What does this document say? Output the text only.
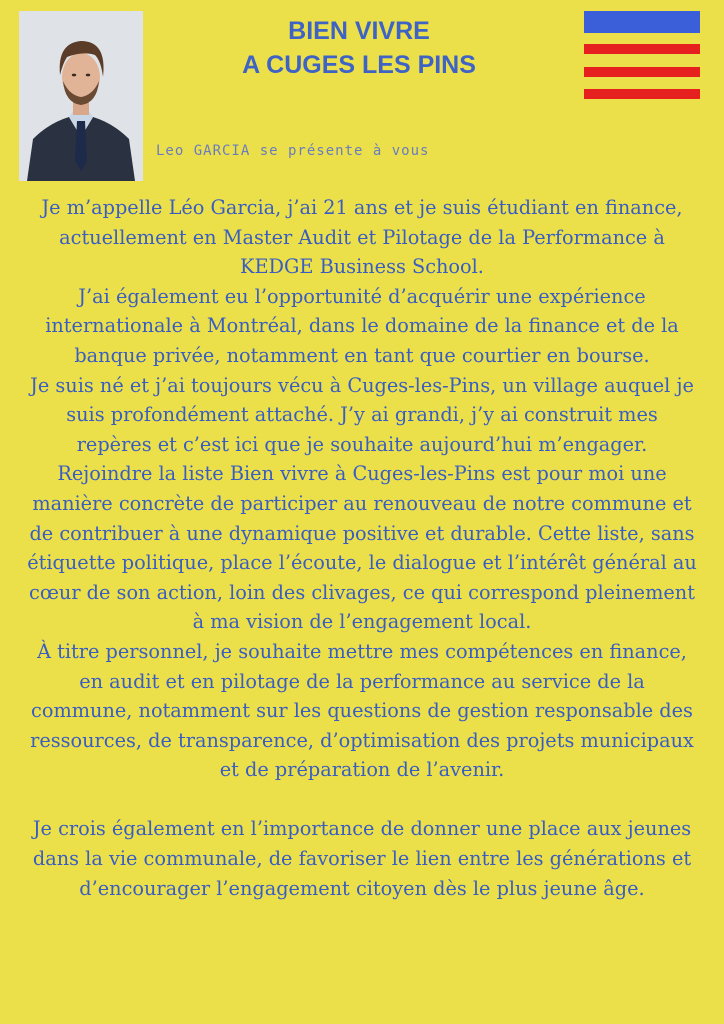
BIEN VIVRE
A CUGES LES PINS
Leo GARCIA se présente à vous

Je m’appelle Léo Garcia, j’ai 21 ans et je suis étudiant en finance, actuellement en Master Audit et Pilotage de la Performance à KEDGE Business School.

J’ai également eu l’opportunité d’acquérir une expérience internationale à Montréal, dans le domaine de la finance et de la banque privée, notamment en tant que courtier en bourse.

Je suis né et j’ai toujours vécu à Cuges-les-Pins, un village auquel je suis profondément attaché. J’y ai grandi, j’y ai construit mes repères et c’est ici que je souhaite aujourd’hui m’engager.

Rejoindre la liste Bien vivre à Cuges-les-Pins est pour moi une manière concrète de participer au renouveau de notre commune et de contribuer à une dynamique positive et durable. Cette liste, sans étiquette politique, place l’écoute, le dialogue et l’intérêt général au cœur de son action, loin des clivages, ce qui correspond pleinement à ma vision de l’engagement local.

À titre personnel, je souhaite mettre mes compétences en finance, en audit et en pilotage de la performance au service de la commune, notamment sur les questions de gestion responsable des ressources, de transparence, d’optimisation des projets municipaux et de préparation de l’avenir.

Je crois également en l’importance de donner une place aux jeunes dans la vie communale, de favoriser le lien entre les générations et d’encourager l’engagement citoyen dès le plus jeune âge.
